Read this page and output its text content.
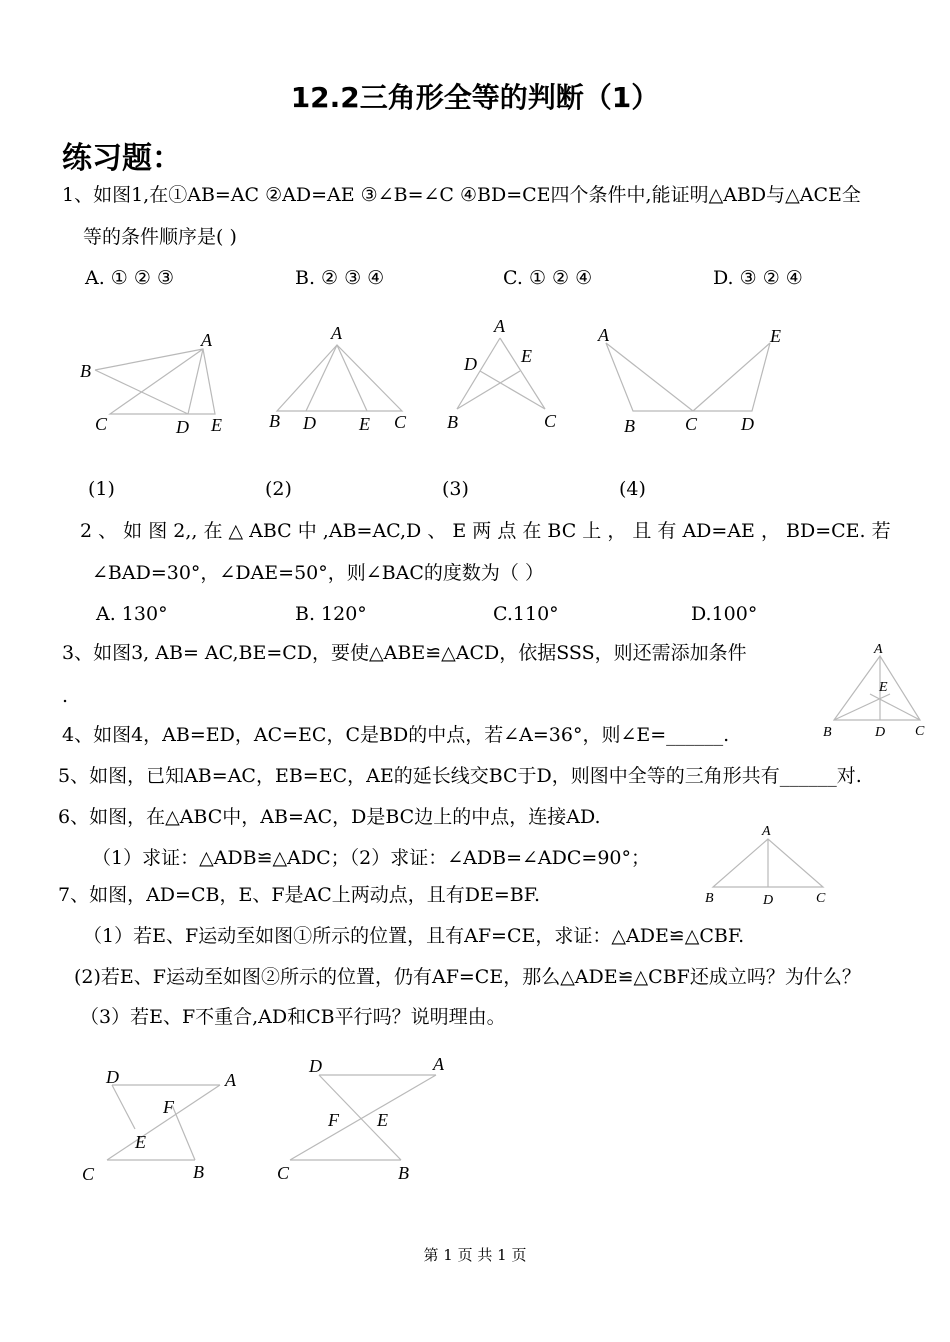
12.2三角形全等的判断（1）
练习题：
1、如图1,在①AB=AC ②AD=AE ③∠B=∠C ④BD=CE四个条件中,能证明△ABD与△ACE全
等的条件顺序是( )
A. ① ② ③	B. ② ③ ④	C. ① ② ④	D. ③ ② ④
A
B
C	D E
A
B D E C
A
D E
B	C
A	E
B	C D
(1)	(2)	(3)	(4)
2 、 如 图 2,, 在 △ ABC 中 ,AB=AC,D 、 E 两 点 在 BC 上 ， 且 有 AD=AE ， BD=CE. 若
∠BAD=30°，∠DAE=50°，则∠BAC的度数为（ ）
A. 130°	B. 120°	C.110°	D.100°
3、如图3, AB= AC,BE=CD，要使△ABE≌△ACD，依据SSS，则还需添加条件
.
A
E
B	D C
4、如图4，AB=ED，AC=EC，C是BD的中点，若∠A=36°，则∠E=______.
5、如图，已知AB=AC，EB=EC，AE的延长线交BC于D，则图中全等的三角形共有______对.
6、如图，在△ABC中，AB=AC，D是BC边上的中点，连接AD.
（1）求证：△ADB≌△ADC；（2）求证：∠ADB=∠ADC=90°；
A
B	D	C
7、如图，AD=CB，E、F是AC上两动点，且有DE=BF.
（1）若E、F运动至如图①所示的位置，且有AF=CE，求证：△ADE≌△CBF.
(2)若E、F运动至如图②所示的位置，仍有AF=CE，那么△ADE≌△CBF还成立吗？为什么？
（3）若E、F不重合,AD和CB平行吗？说明理由。
D	A
F
E
C	B
D	A
F E
C	B
第 1 页 共 1 页
